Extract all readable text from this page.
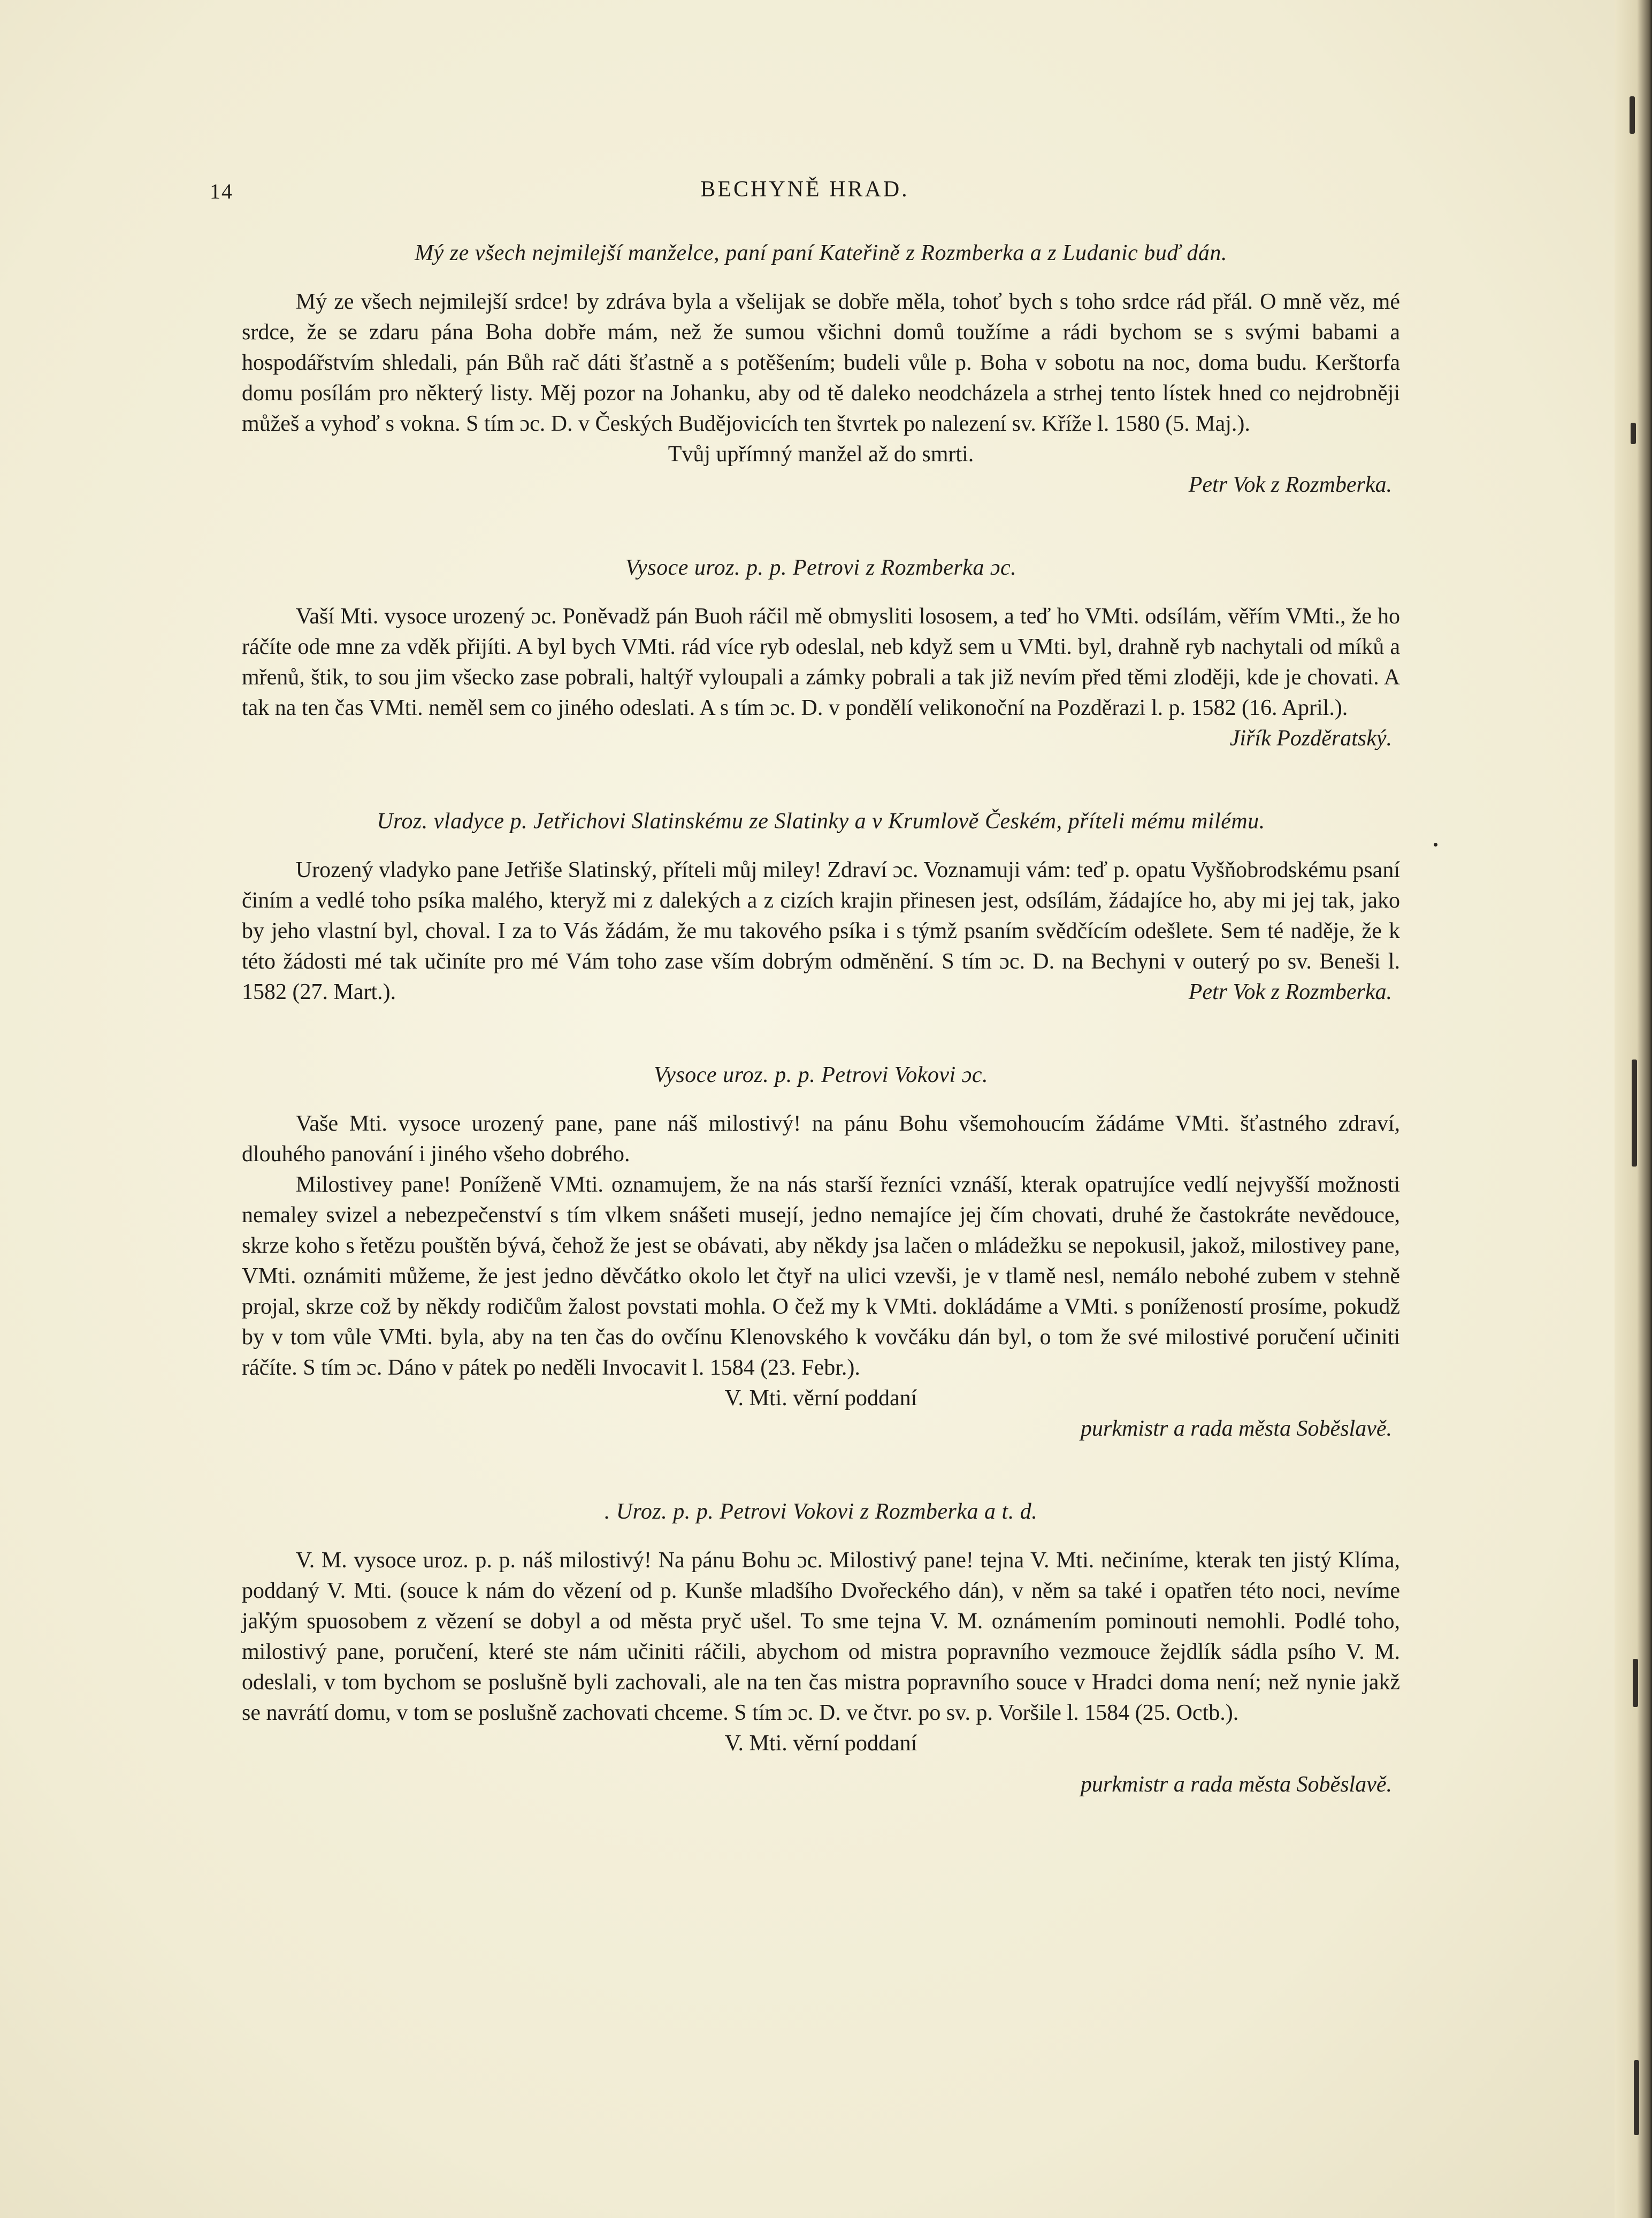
14	BECHYNĚ HRAD.

Mý ze všech nejmilejší manželce, paní paní Kateřině z Rozmberka a z Ludanic buď dán.

Mý ze všech nejmilejší srdce! by zdráva byla a všelijak se dobře měla, tohoť bych s toho srdce rád přál. O mně věz, mé srdce, že se zdaru pána Boha dobře mám, než že sumou všichni domů toužíme a rádi bychom se s svými babami a hospodářstvím shledali, pán Bůh rač dáti šťastně a s potěšením; budeli vůle p. Boha v sobotu na noc, doma budu. Kerštorfa domu posílám pro některý listy. Měj pozor na Johanku, aby od tě daleko neodcházela a strhej tento lístek hned co nejdrobněji můžeš a vyhoď s vokna. S tím ɔc. D. v Českých Budějovicích ten štvrtek po nalezení sv. Kříže l. 1580 (5. Maj.).

Tvůj upřímný manžel až do smrti.

Petr Vok z Rozmberka.

Vysoce uroz. p. p. Petrovi z Rozmberka ɔc.

Vaší Mti. vysoce urozený ɔc. Poněvadž pán Buoh ráčil mě obmysliti lososem, a teď ho VMti. odsílám, věřím VMti., že ho ráčíte ode mne za vděk přijíti. A byl bych VMti. rád více ryb odeslal, neb když sem u VMti. byl, drahně ryb nachytali od míků a mřenů, štik, to sou jim všecko zase pobrali, haltýř vyloupali a zámky pobrali a tak již nevím před těmi zloději, kde je chovati. A tak na ten čas VMti. neměl sem co jiného odeslati. A s tím ɔc. D. v pondělí velikonoční na Pozděrazi l. p. 1582 (16. April.).

Jiřík Pozděratský.

Uroz. vladyce p. Jetřichovi Slatinskému ze Slatinky a v Krumlově Českém, příteli mému milému.

Urozený vladyko pane Jetřiše Slatinský, příteli můj miley! Zdraví ɔc. Voznamuji vám: teď p. opatu Vyšňobrodskému psaní činím a vedlé toho psíka malého, kteryž mi z dalekých a z cizích krajin přinesen jest, odsílám, žádajíce ho, aby mi jej tak, jako by jeho vlastní byl, choval. I za to Vás žádám, že mu takového psíka i s týmž psaním svědčícím odešlete. Sem té naděje, že k této žádosti mé tak učiníte pro mé Vám toho zase vším dobrým odměnění. S tím ɔc. D. na Bechyni v outerý po sv. Beneši l. 1582 (27. Mart.).	Petr Vok z Rozmberka.

Vysoce uroz. p. p. Petrovi Vokovi ɔc.

Vaše Mti. vysoce urozený pane, pane náš milostivý! na pánu Bohu všemohoucím žádáme VMti. šťastného zdraví, dlouhého panování i jiného všeho dobrého.

Milostivey pane! Poníženě VMti. oznamujem, že na nás starší řezníci vznáší, kterak opatrujíce vedlí nejvyšší možnosti nemaley svizel a nebezpečenství s tím vlkem snášeti musejí, jedno nemajíce jej čím chovati, druhé že častokráte nevědouce, skrze koho s řetězu pouštěn bývá, čehož že jest se obávati, aby někdy jsa lačen o mládežku se nepokusil, jakož, milostivey pane, VMti. oznámiti můžeme, že jest jedno děvčátko okolo let čtyř na ulici vzevši, je v tlamě nesl, nemálo nebohé zubem v stehně projal, skrze což by někdy rodičům žalost povstati mohla. O čež my k VMti. dokládáme a VMti. s ponížeností prosíme, pokudž by v tom vůle VMti. byla, aby na ten čas do ovčínu Klenovského k vovčáku dán byl, o tom že své milostivé poručení učiniti ráčíte. S tím ɔc. Dáno v pátek po neděli Invocavit l. 1584 (23. Febr.).

V. Mti. věrní poddaní

purkmistr a rada města Soběslavě.

. Uroz. p. p. Petrovi Vokovi z Rozmberka a t. d.

V. M. vysoce uroz. p. p. náš milostivý! Na pánu Bohu ɔc. Milostivý pane! tejna V. Mti. nečiníme, kterak ten jistý Klíma, poddaný V. Mti. (souce k nám do vězení od p. Kunše mladšího Dvořeckého dán), v něm sa také i opatřen této noci, nevíme jakým spuosobem z vězení se dobyl a od města pryč ušel. To sme tejna V. M. oznámením pominouti nemohli. Podlé toho, milostivý pane, poručení, které ste nám učiniti ráčili, abychom od mistra popravního vezmouce žejdlík sádla psího V. M. odeslali, v tom bychom se poslušně byli zachovali, ale na ten čas mistra popravního souce v Hradci doma není; než nynie jakž se navrátí domu, v tom se poslušně zachovati chceme. S tím ɔc. D. ve čtvr. po sv. p. Voršile l. 1584 (25. Octb.).

V. Mti. věrní poddaní

purkmistr a rada města Soběslavě.
